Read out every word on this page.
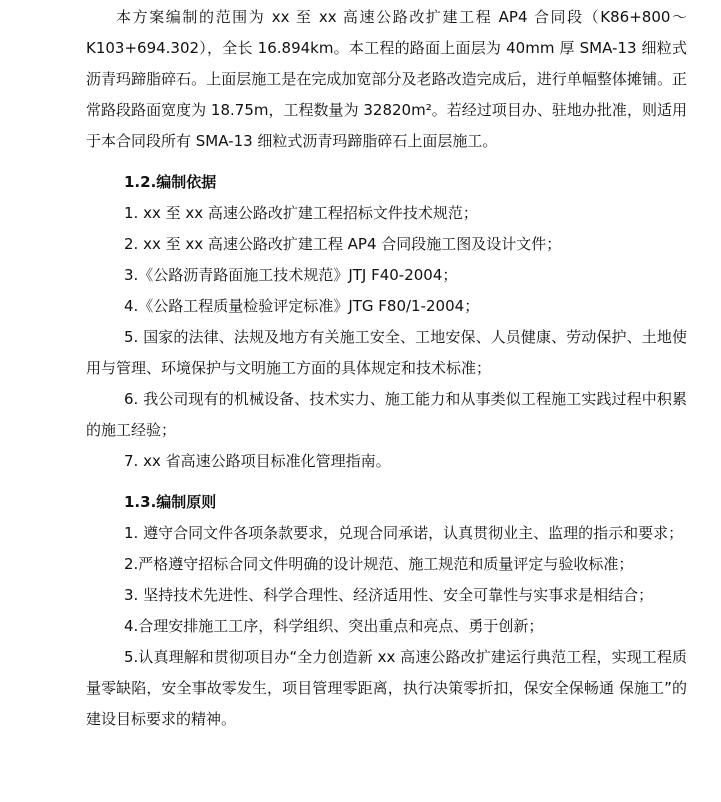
本方案编制的范围为 xx 至 xx 高速公路改扩建工程 AP4 合同段（K86+800～K103+694.302），全长 16.894km。本工程的路面上面层为 40mm 厚 SMA-13 细粒式沥青玛蹄脂碎石。上面层施工是在完成加宽部分及老路改造完成后，进行单幅整体摊铺。正常路段路面宽度为 18.75m，工程数量为 32820m²。若经过项目办、驻地办批准，则适用于本合同段所有 SMA-13 细粒式沥青玛蹄脂碎石上面层施工。

1.2.编制依据

1. xx 至 xx 高速公路改扩建工程招标文件技术规范；

2. xx 至 xx 高速公路改扩建工程 AP4 合同段施工图及设计文件；

3.《公路沥青路面施工技术规范》JTJ F40-2004；

4.《公路工程质量检验评定标准》JTG F80/1-2004；

5. 国家的法律、法规及地方有关施工安全、工地安保、人员健康、劳动保护、土地使用与管理、环境保护与文明施工方面的具体规定和技术标准；

6. 我公司现有的机械设备、技术实力、施工能力和从事类似工程施工实践过程中积累的施工经验；

7. xx 省高速公路项目标准化管理指南。

1.3.编制原则

1. 遵守合同文件各项条款要求，兑现合同承诺，认真贯彻业主、监理的指示和要求；

2.严格遵守招标合同文件明确的设计规范、施工规范和质量评定与验收标准；

3. 坚持技术先进性、科学合理性、经济适用性、安全可靠性与实事求是相结合；

4.合理安排施工工序，科学组织、突出重点和亮点、勇于创新；

5.认真理解和贯彻项目办“全力创造新 xx 高速公路改扩建运行典范工程，实现工程质量零缺陷，安全事故零发生，项目管理零距离，执行决策零折扣，保安全保畅通 保施工”的建设目标要求的精神。
